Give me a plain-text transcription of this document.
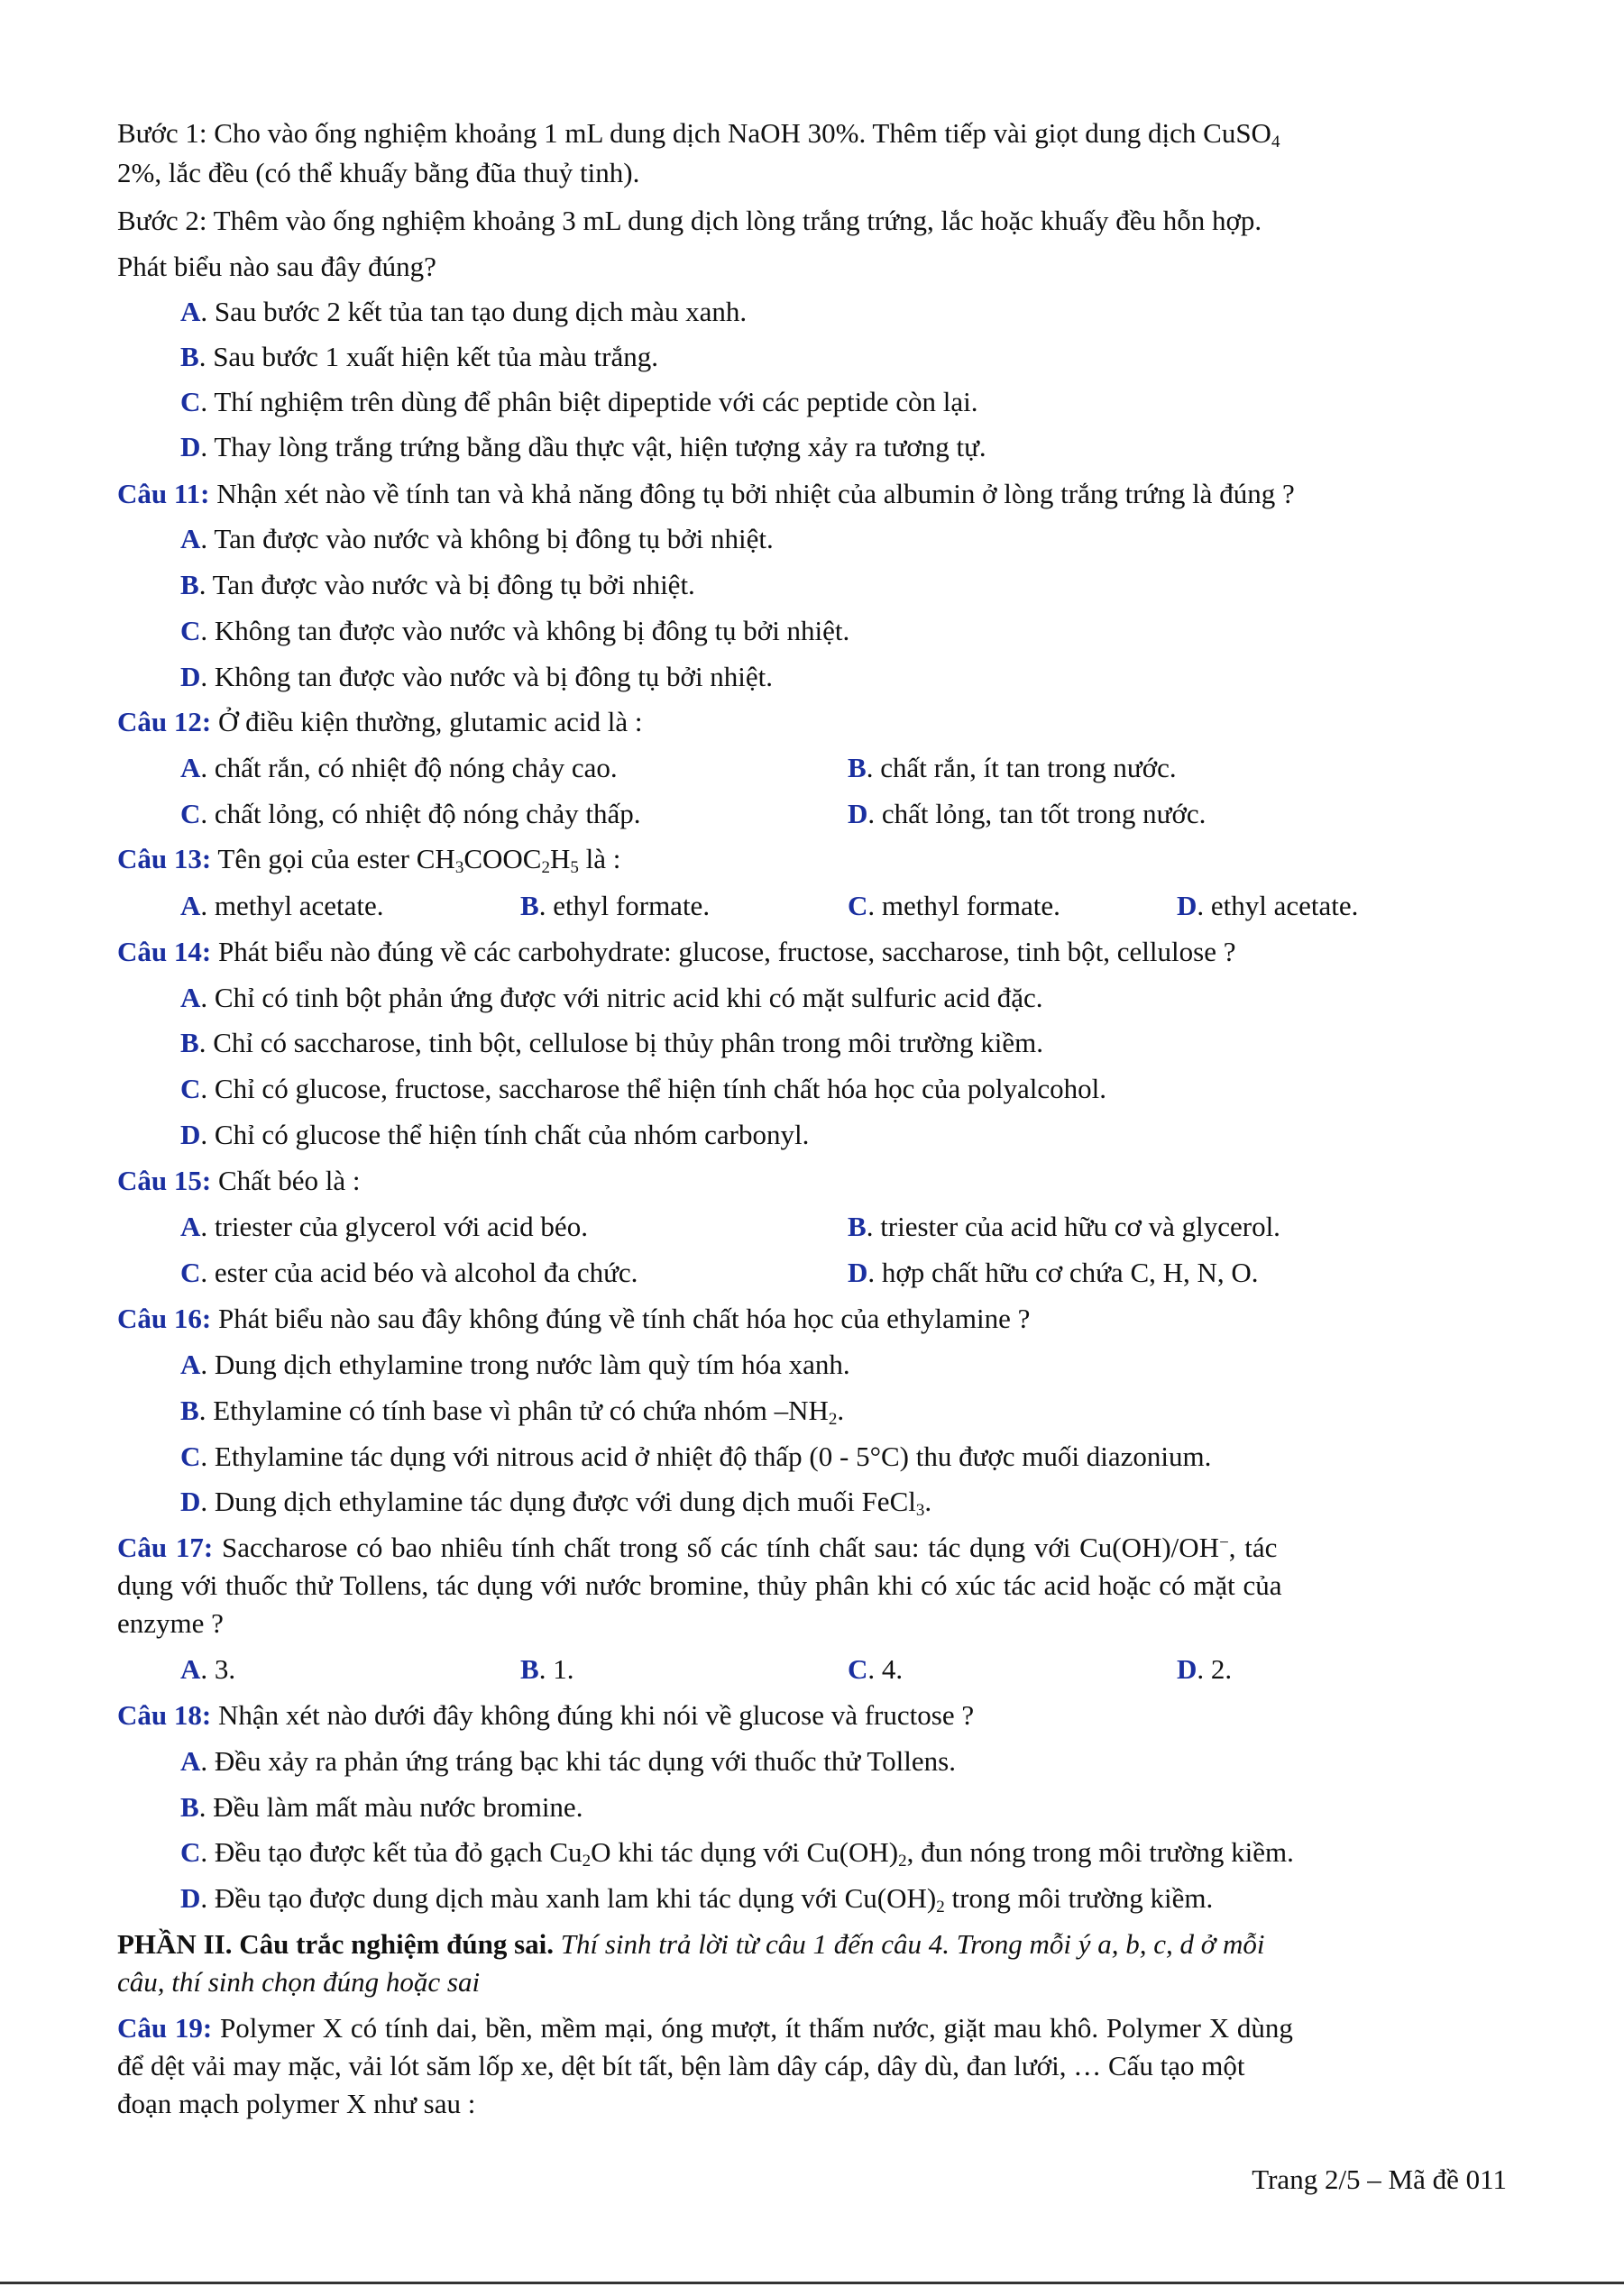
Bước 1: Cho vào ống nghiệm khoảng 1 mL dung dịch NaOH 30%. Thêm tiếp vài giọt dung dịch CuSO$_4$
2%, lắc đều (có thể khuấy bằng đũa thuỷ tinh).
Bước 2: Thêm vào ống nghiệm khoảng 3 mL dung dịch lòng trắng trứng, lắc hoặc khuấy đều hỗn hợp.
Phát biểu nào sau đây đúng?
A. Sau bước 2 kết tủa tan tạo dung dịch màu xanh.
B. Sau bước 1 xuất hiện kết tủa màu trắng.
C. Thí nghiệm trên dùng để phân biệt dipeptide với các peptide còn lại.
D. Thay lòng trắng trứng bằng dầu thực vật, hiện tượng xảy ra tương tự.
Câu 11: Nhận xét nào về tính tan và khả năng đông tụ bởi nhiệt của albumin ở lòng trắng trứng là đúng ?
A. Tan được vào nước và không bị đông tụ bởi nhiệt.
B. Tan được vào nước và bị đông tụ bởi nhiệt.
C. Không tan được vào nước và không bị đông tụ bởi nhiệt.
D. Không tan được vào nước và bị đông tụ bởi nhiệt.
Câu 12: Ở điều kiện thường, glutamic acid là :
A. chất rắn, có nhiệt độ nóng chảy cao.	B. chất rắn, ít tan trong nước.
C. chất lỏng, có nhiệt độ nóng chảy thấp.	D. chất lỏng, tan tốt trong nước.
Câu 13: Tên gọi của ester $CH_3COOC_2H_5$ là :
A. methyl acetate.	B. ethyl formate.	C. methyl formate.	D. ethyl acetate.
Câu 14: Phát biểu nào đúng về các carbohydrate: glucose, fructose, saccharose, tinh bột, cellulose ?
A. Chỉ có tinh bột phản ứng được với nitric acid khi có mặt sulfuric acid đặc.
B. Chỉ có saccharose, tinh bột, cellulose bị thủy phân trong môi trường kiềm.
C. Chỉ có glucose, fructose, saccharose thể hiện tính chất hóa học của polyalcohol.
D. Chỉ có glucose thể hiện tính chất của nhóm carbonyl.
Câu 15: Chất béo là :
A. triester của glycerol với acid béo.	B. triester của acid hữu cơ và glycerol.
C. ester của acid béo và alcohol đa chức.	D. hợp chất hữu cơ chứa C, H, N, O.
Câu 16: Phát biểu nào sau đây không đúng về tính chất hóa học của ethylamine ?
A. Dung dịch ethylamine trong nước làm quỳ tím hóa xanh.
B. Ethylamine có tính base vì phân tử có chứa nhóm $-NH_2$.
C. Ethylamine tác dụng với nitrous acid ở nhiệt độ thấp (0 - 5°C) thu được muối diazonium.
D. Dung dịch ethylamine tác dụng được với dung dịch muối FeCl$_3$.
Câu 17: Saccharose có bao nhiêu tính chất trong số các tính chất sau: tác dụng với Cu(OH)/OH−, tác
dụng với thuốc thử Tollens, tác dụng với nước bromine, thủy phân khi có xúc tác acid hoặc có mặt của
enzyme ?
A. 3.	B. 1.	C. 4.	D. 2.
Câu 18: Nhận xét nào dưới đây không đúng khi nói về glucose và fructose ?
A. Đều xảy ra phản ứng tráng bạc khi tác dụng với thuốc thử Tollens.
B. Đều làm mất màu nước bromine.
C. Đều tạo được kết tủa đỏ gạch $Cu_2O$ khi tác dụng với $Cu(OH)_2$, đun nóng trong môi trường kiềm.
D. Đều tạo được dung dịch màu xanh lam khi tác dụng với $Cu(OH)_2$ trong môi trường kiềm.
PHẦN II. Câu trắc nghiệm đúng sai. Thí sinh trả lời từ câu 1 đến câu 4. Trong mỗi ý a, b, c, d ở mỗi
câu, thí sinh chọn đúng hoặc sai
Câu 19: Polymer X có tính dai, bền, mềm mại, óng mượt, ít thấm nước, giặt mau khô. Polymer X dùng
để dệt vải may mặc, vải lót săm lốp xe, dệt bít tất, bện làm dây cáp, dây dù, đan lưới, … Cấu tạo một
đoạn mạch polymer X như sau :
Trang 2/5 – Mã đề 011
